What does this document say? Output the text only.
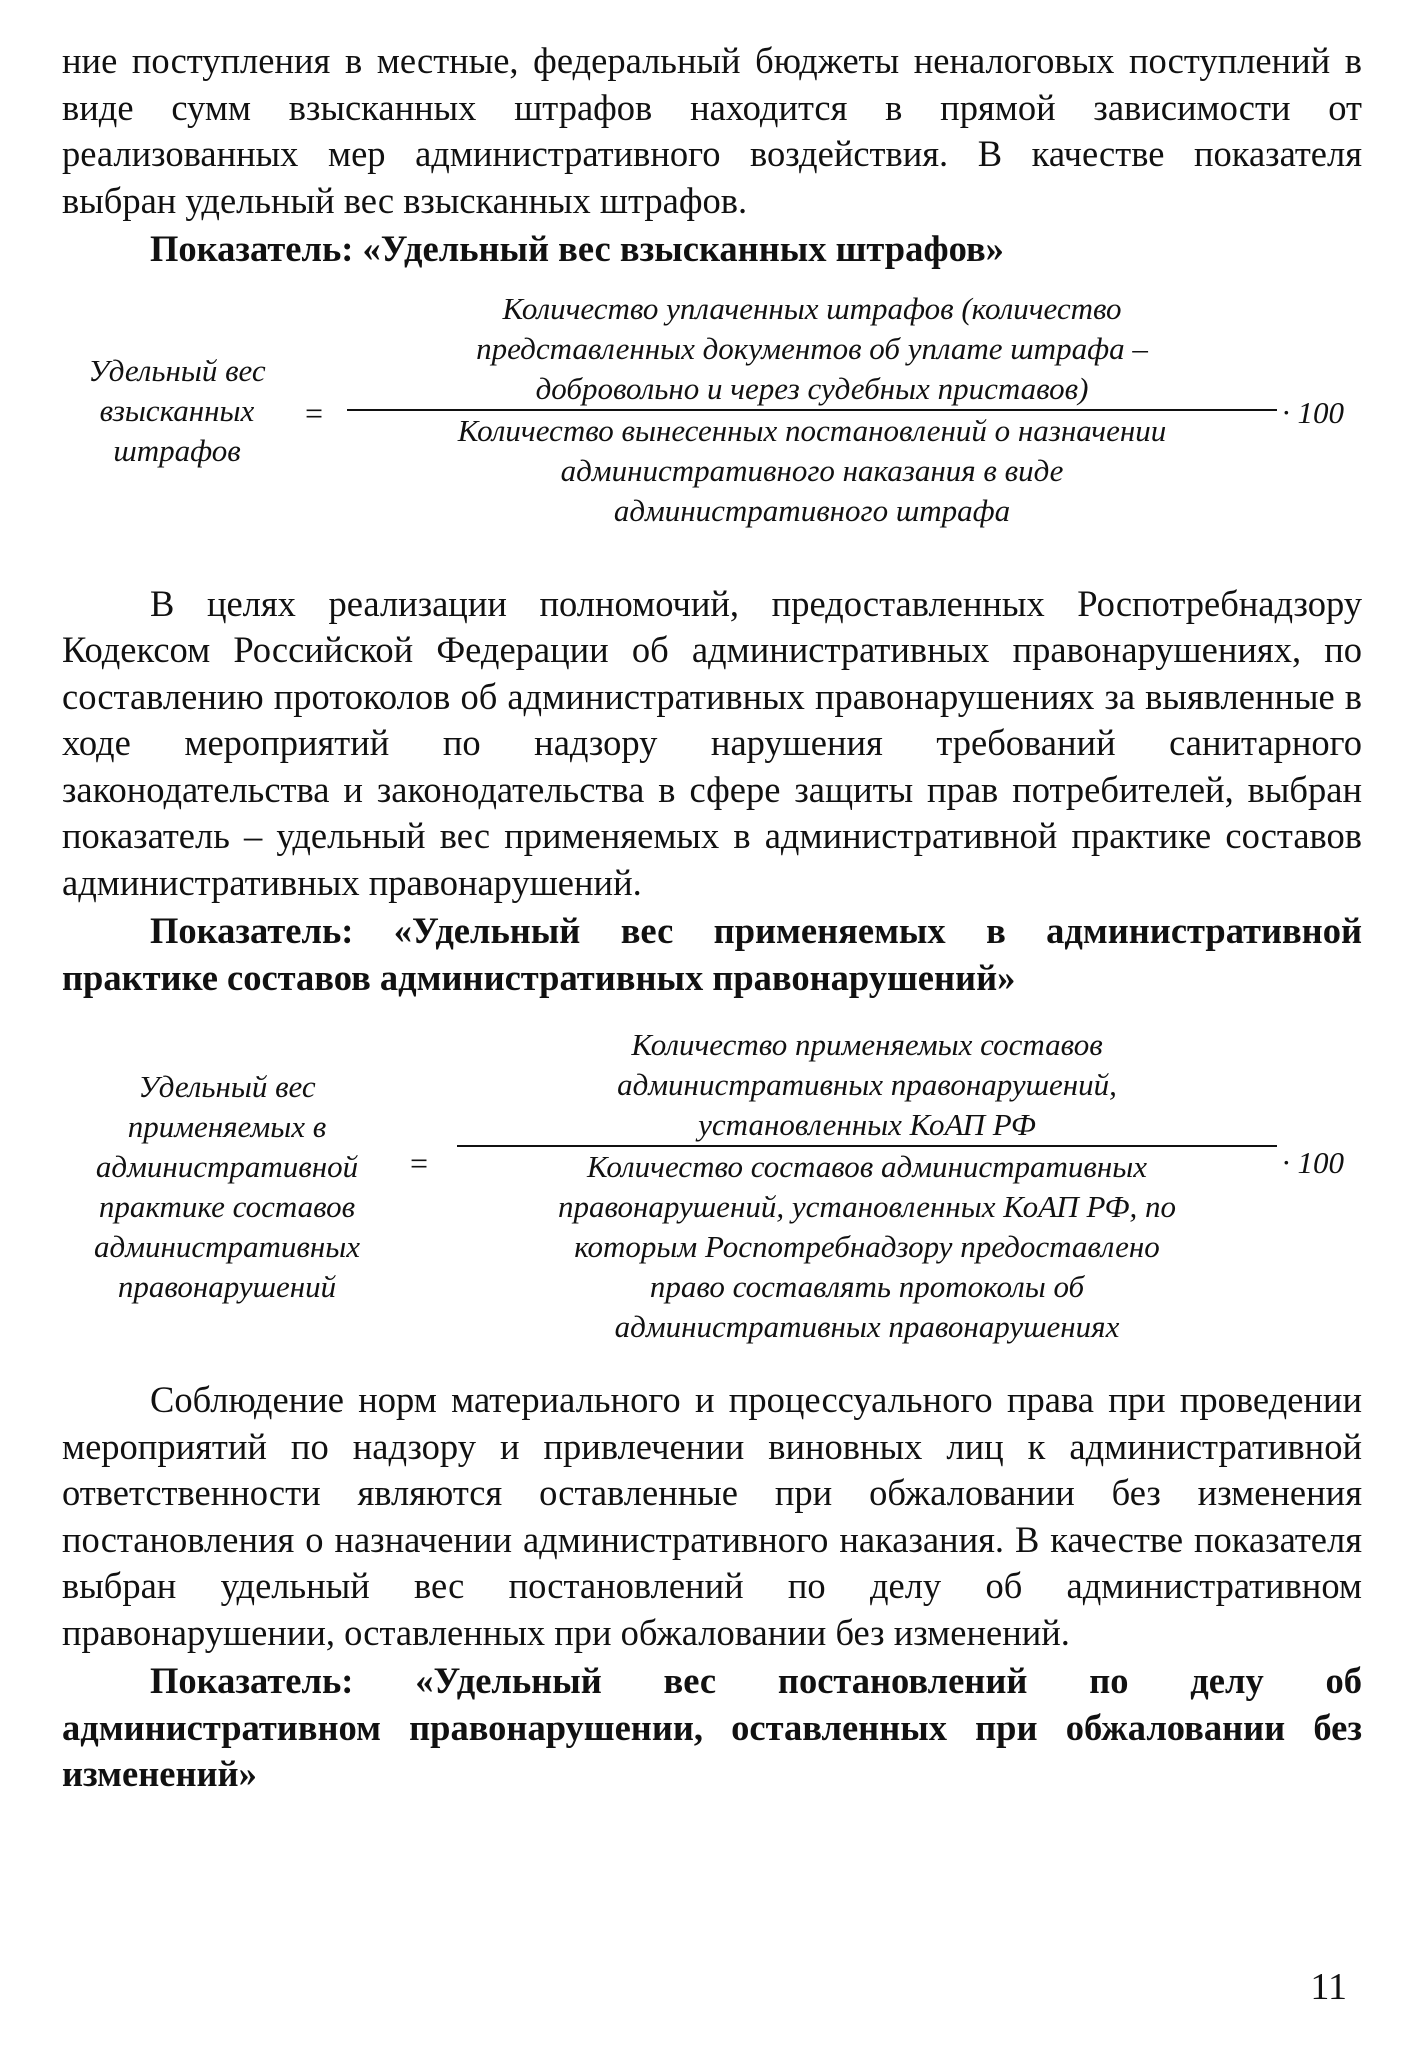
ние поступления в местные, федеральный бюджеты неналоговых поступлений в виде сумм взысканных штрафов находится в прямой зависимости от реализованных мер административного воздействия. В качестве показателя выбран удельный вес взысканных штрафов.

Показатель: «Удельный вес взысканных штрафов»

Удельный вес взысканных штрафов
=
Количество уплаченных штрафов (количество представленных документов об уплате штрафа – добровольно и через судебных приставов)
Количество вынесенных постановлений о назначении административного наказания в виде административного штрафа
· 100

В целях реализации полномочий, предоставленных Роспотребнадзору Кодексом Российской Федерации об административных правонарушениях, по составлению протоколов об административных правонарушениях за выявленные в ходе мероприятий по надзору нарушения требований санитарного законодательства и законодательства в сфере защиты прав потребителей, выбран показатель – удельный вес применяемых в административной практике составов административных правонарушений.

Показатель: «Удельный вес применяемых в административной практике составов административных правонарушений»

Удельный вес применяемых в административной практике составов административных правонарушений
=
Количество применяемых составов административных правонарушений, установленных КоАП РФ
Количество составов административных правонарушений, установленных КоАП РФ, по которым Роспотребнадзору предоставлено право составлять протоколы об административных правонарушениях
· 100

Соблюдение норм материального и процессуального права при проведении мероприятий по надзору и привлечении виновных лиц к административной ответственности являются оставленные при обжаловании без изменения постановления о назначении административного наказания. В качестве показателя выбран удельный вес постановлений по делу об административном правонарушении, оставленных при обжаловании без изменений.

Показатель: «Удельный вес постановлений по делу об административном правонарушении, оставленных при обжаловании без изменений»

11
